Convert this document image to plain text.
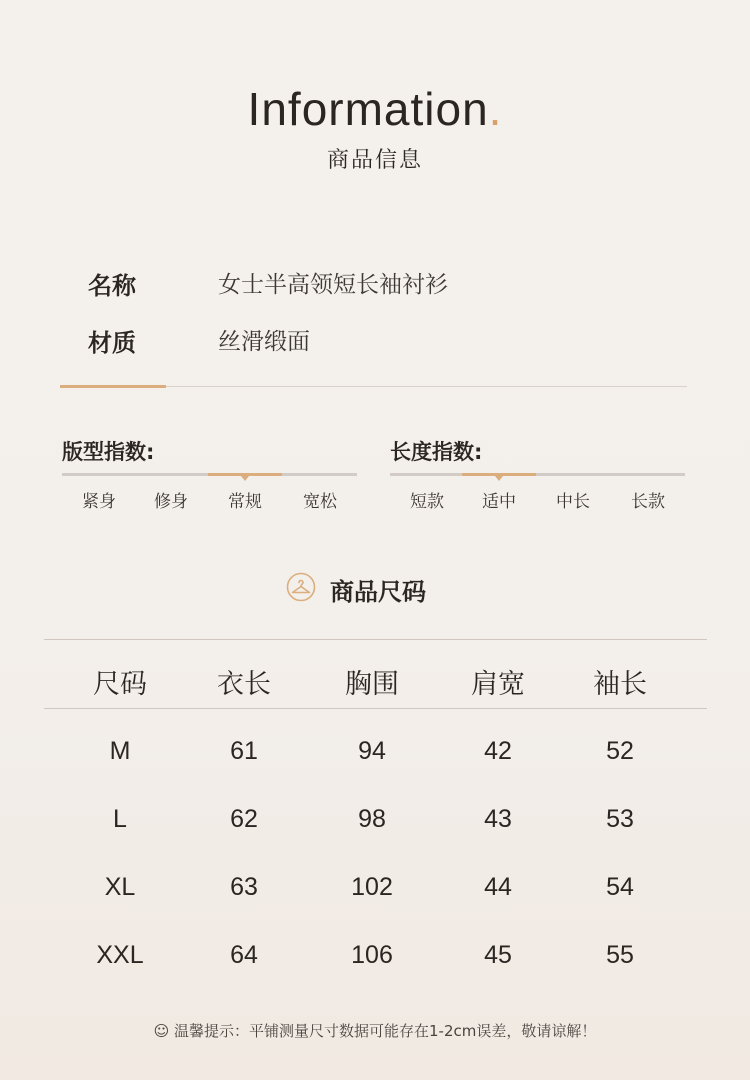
Information.
商品信息
名称	女士半高领短长袖衬衫
材质	丝滑缎面
版型指数:
紧身	修身	常规	宽松
长度指数:
短款	适中	中长	长款
商品尺码
尺码	衣长	胸围	肩宽	袖长
M	61	94	42	52
L	62	98	43	53
XL	63	102	44	54
XXL	64	106	45	55
☺ 温馨提示：平铺测量尺寸数据可能存在1-2cm误差，敬请谅解！
